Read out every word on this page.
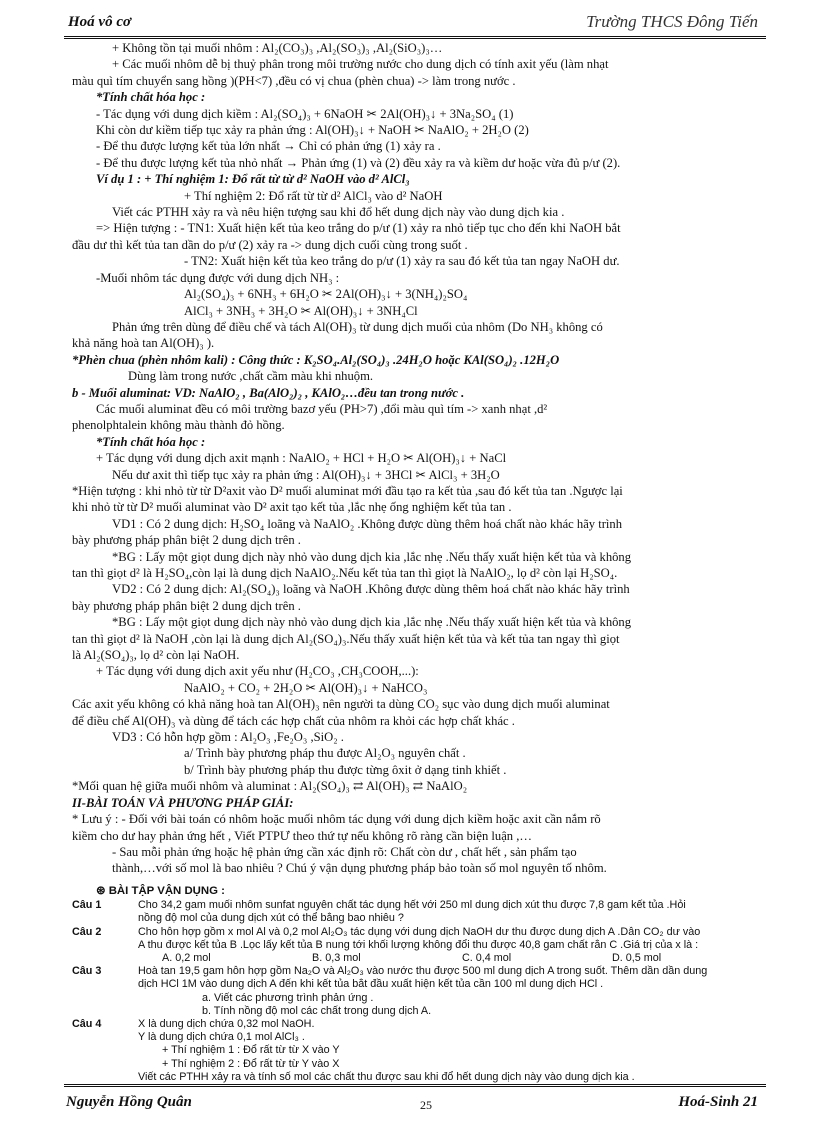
Hoá vô cơ	Trường THCS Đông Tiến

+ Không tồn tại muối nhôm : Al₂(CO₃)₃ ,Al₂(SO₃)₃ ,Al₂(SiO₃)₃…

+ Các muối nhôm dễ bị thuỷ phân trong môi trường nước cho dung dịch có tính axit yếu (làm nhạt

màu quì tím chuyển sang hồng )(PH<7) ,đều có vị chua (phèn chua) -> làm trong nước .

*Tính chất hóa học :

- Tác dụng với dung dịch kiềm : Al₂(SO₄)₃ + 6NaOH ✂ 2Al(OH)₃↓ + 3Na₂SO₄ (1)

Khi còn dư kiềm tiếp tục xảy ra phản ứng : Al(OH)₃↓ + NaOH ✂ NaAlO₂ + 2H₂O (2)

- Để thu được lượng kết tủa lớn nhất → Chỉ có phản ứng (1) xảy ra .

- Để thu được lượng kết tủa nhỏ nhất → Phản ứng (1) và (2) đều xảy ra và kiềm dư hoặc vừa đủ p/ư (2).

Ví dụ 1 : + Thí nghiệm 1: Đổ rất từ từ d² NaOH vào d² AlCl₃

+ Thí nghiệm 2: Đổ rất từ từ d² AlCl₃ vào d² NaOH

Viết các PTHH xảy ra và nêu hiện tượng sau khi đổ hết dung dịch này vào dung dịch kia .

=> Hiện tượng : - TN1: Xuất hiện kết tủa keo trắng do p/ư (1) xảy ra nhỏ tiếp tục cho đến khi NaOH bắt

đầu dư thì kết tủa tan dần do p/ư (2) xảy ra -> dung dịch cuối cùng trong suốt .

- TN2: Xuất hiện kết tủa keo trắng do p/ư (1) xảy ra sau đó kết tủa tan ngay NaOH dư.

-Muối nhôm tác dụng được với dung dịch NH₃ :

Al₂(SO₄)₃ + 6NH₃ + 6H₂O ✂ 2Al(OH)₃↓ + 3(NH₄)₂SO₄

AlCl₃ + 3NH₃ + 3H₂O ✂ Al(OH)₃↓ + 3NH₄Cl

Phản ứng trên dùng để điều chế và tách Al(OH)₃ từ dung dịch muối của nhôm (Do NH₃ không có

khả năng hoà tan Al(OH)₃ ).

*Phèn chua (phèn nhôm kali) : Công thức : K₂SO₄.Al₂(SO₄)₃ .24H₂O hoặc KAl(SO₄)₂ .12H₂O

Dùng làm trong nước ,chất cầm màu khi nhuộm.

b - Muối aluminat: VD: NaAlO₂ , Ba(AlO₂)₂ , KAlO₂…đều tan trong nước .

Các muối aluminat đều có môi trường bazơ yếu (PH>7) ,đổi màu quì tím -> xanh nhạt ,d²

phenolphtalein không màu thành đỏ hồng.

*Tính chất hóa học :

+ Tác dụng với dung dịch axit mạnh : NaAlO₂ + HCl + H₂O ✂ Al(OH)₃↓ + NaCl

Nếu dư axit thì tiếp tục xảy ra phản ứng : Al(OH)₃↓ + 3HCl ✂ AlCl₃ + 3H₂O

*Hiện tượng : khi nhỏ từ từ D²axit vào D² muối aluminat mới đầu tạo ra kết tủa ,sau đó kết tủa tan .Ngược lại

khi nhỏ từ từ D² muối aluminat vào D² axit tạo kết tủa ,lắc nhẹ ống nghiệm kết tủa tan .

VD1 : Có 2 dung dịch: H₂SO₄ loãng và NaAlO₂ .Không được dùng thêm hoá chất nào khác hãy trình

bày phương pháp phân biệt 2 dung dịch trên .

*BG : Lấy một giọt dung dịch này nhỏ vào dung dịch kia ,lắc nhẹ .Nếu thấy xuất hiện kết tủa và không

tan thì giọt d² là H₂SO₄,còn lại là dung dịch NaAlO₂.Nếu kết tủa tan thì giọt là NaAlO₂, lọ d² còn lại H₂SO₄.

VD2 : Có 2 dung dịch: Al₂(SO₄)₃ loãng và NaOH .Không được dùng thêm hoá chất nào khác hãy trình

bày phương pháp phân biệt 2 dung dịch trên .

*BG : Lấy một giọt dung dịch này nhỏ vào dung dịch kia ,lắc nhẹ .Nếu thấy xuất hiện kết tủa và không

tan thì giọt d² là NaOH ,còn lại là dung dịch Al₂(SO₄)₃.Nếu thấy xuất hiện kết tủa và kết tủa tan ngay thì giọt

là Al₂(SO₄)₃, lọ d² còn lại NaOH.

+ Tác dụng với dung dịch axit yếu như (H₂CO₃ ,CH₃COOH,...):

NaAlO₂ + CO₂ + 2H₂O ✂ Al(OH)₃↓ + NaHCO₃

Các axit yếu không có khả năng hoà tan Al(OH)₃ nên người ta dùng CO₂ sục vào dung dịch muối aluminat

để điều chế Al(OH)₃ và dùng để tách các hợp chất của nhôm ra khỏi các hợp chất khác .

VD3 : Có hỗn hợp gồm : Al₂O₃ ,Fe₂O₃ ,SiO₂ .

a/ Trình bày phương pháp thu được Al₂O₃ nguyên chất .

b/ Trình bày phương pháp thu được từng ôxit ở dạng tinh khiết .

*Mối quan hệ giữa muối nhôm và aluminat : Al₂(SO₄)₃ ⇄ Al(OH)₃ ⇄ NaAlO₂

II-BÀI TOÁN VÀ PHƯƠNG PHÁP GIẢI:

* Lưu ý : - Đối với bài toán có nhôm hoặc muối nhôm tác dụng với dung dịch kiềm hoặc axit cần nắm rõ

kiềm cho dư hay phản ứng hết , Viết PTPƯ theo thứ tự nếu không rõ ràng cần biện luận ,…

- Sau mỗi phản ứng hoặc hệ phản ứng cần xác định rõ: Chất còn dư , chất hết , sản phẩm tạo

thành,…với số mol là bao nhiêu ? Chú ý vận dụng phương pháp bảo toàn số mol nguyên tố nhôm.

⊛ BÀI TẬP VẬN DỤNG :

Câu 1	Cho 34,2 gam muối nhôm sunfat nguyên chất tác dụng hết với 250 ml dung dịch xút thu được 7,8 gam kết tủa .Hỏi
nồng độ mol của dung dịch xút có thể bằng bao nhiêu ?
Câu 2	Cho hỗn hợp gồm x mol Al và 0,2 mol Al₂O₃ tác dụng với dung dịch NaOH dư thu được dung dịch A .Dẫn CO₂ dư vào
A thu được kết tủa B .Lọc lấy kết tủa B nung tới khối lượng không đổi thu được 40,8 gam chất rắn C .Giá trị của x là :
A. 0,2 mol	B. 0,3 mol	C. 0,4 mol	D. 0,5 mol
Câu 3	Hoà tan 19,5 gam hỗn hợp gồm Na₂O và Al₂O₃ vào nước thu được 500 ml dung dịch A trong suốt. Thêm dần dần dung
dịch HCl 1M vào dung dịch A đến khi kết tủa bắt đầu xuất hiện kết tủa cần 100 ml dung dịch HCl .
a. Viết các phương trình phản ứng .
b. Tính nồng độ mol các chất trong dung dịch A.
Câu 4	X là dung dịch chứa 0,32 mol NaOH.
Y là dung dịch chứa 0,1 mol AlCl₃ .
+ Thí nghiệm 1 : Đổ rất từ từ X vào Y
+ Thí nghiệm 2 : Đổ rất từ từ Y vào X
Viết các PTHH xảy ra và tính số mol các chất thu được sau khi đổ hết dung dịch này vào dung dịch kia .
Nguyễn Hồng Quân	25	Hoá-Sinh 21
